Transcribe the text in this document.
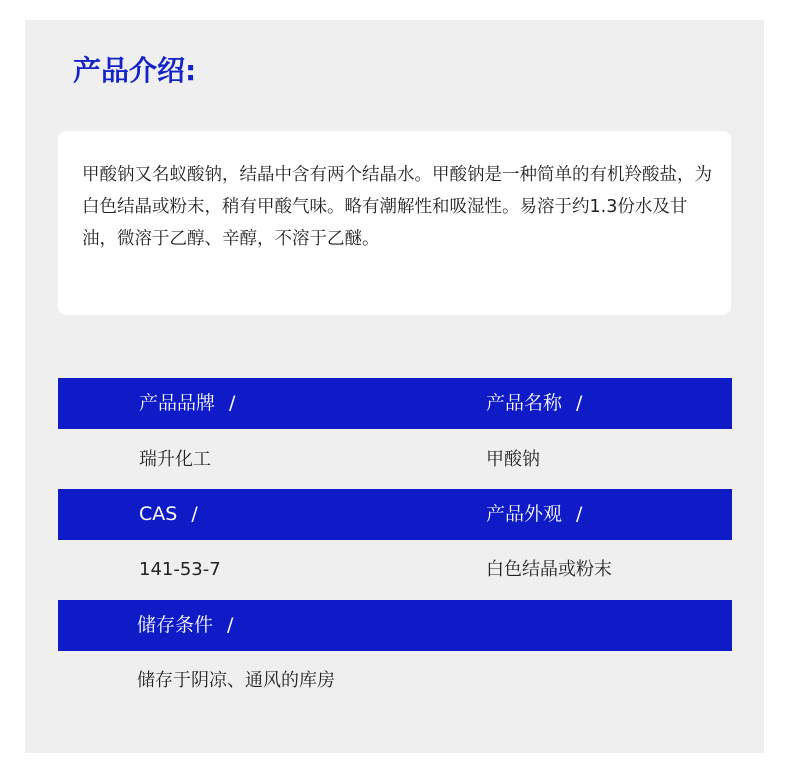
产品介绍:

甲酸钠又名蚁酸钠，结晶中含有两个结晶水。甲酸钠是一种简单的有机羚酸盐，为白色结晶或粉末，稍有甲酸气味。略有潮解性和吸湿性。易溶于约1.3份水及甘油，微溶于乙醇、辛醇，不溶于乙醚。

产品品牌 /	产品名称 /
瑞升化工	甲酸钠
CAS /	产品外观 /
141-53-7	白色结晶或粉末
储存条件 /
储存于阴凉、通风的库房
